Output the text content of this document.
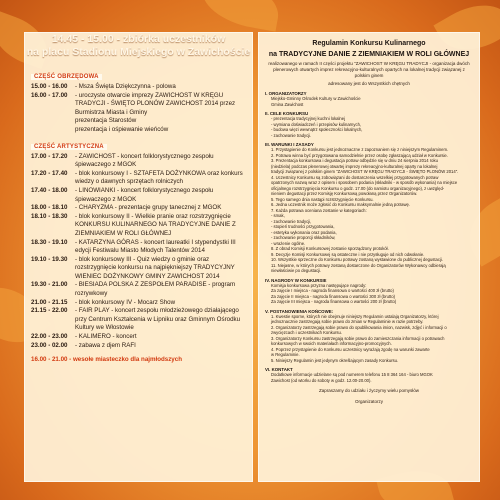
CZĘŚĆ OBRZĘDOWA
15.00 - 16.00	- Msza Święta Dziękczynna - polowa
16.00 - 17.00	- uroczyste otwarcie imprezy ZAWICHOST W KRĘGU TRADYCJI - ŚWIĘTO PLONÓW ZAWICHOST 2014 przez Burmistrza Miasta i Gminy
prezentacja Starostów
prezentacja i ośpiewanie wieńców
CZĘŚĆ ARTYSTYCZNA
17.00 - 17.20	- ZAWICHOST - koncert folklorystycznego zespołu śpiewaczego z MGOK
17.20 - 17.40	- blok konkursowy I - SZTAFETA DOŻYNKOWA oraz konkurs wiedzy o dawnych sprzętach rolniczych
17.40 - 18.00	- LINOWIANKI - koncert folklorystycznego zespołu śpiewaczego z MGOK
18.00 - 18.10	- CHARYZMA - prezentacje grupy tanecznej z MGOK
18.10 - 18.30	- blok konkursowy II - Wielkie pranie oraz rozstrzygnięcie KONKURSU KULINARNEGO NA TRADYCYJNE DANIE Z ZIEMNIAKIEM W ROLI GŁÓWNEJ
18.30 - 19.10	- KATARZYNA GÓRAS - koncert laureatki I stypendystki III edycji Festiwalu Miasto Młodych Talentów 2014
19.10 - 19.30	- blok konkursowy III - Quiz wiedzy o gminie oraz rozstrzygnięcie konkursu na najpiękniejszy TRADYCYJNY WIENIEC DOŻYNKOWY GMINY ZAWICHOST 2014
19.30 - 21.00	- BIESIADA POLSKA Z ZESPOŁEM PARADISE - program rozrywkowy
21.00 - 21.15	- blok konkursowy IV - Mocarz Show
21.15 - 22.00	- FAIR PLAY - koncert zespołu młodzieżowego działającego przy Centrum Kształcenia w Lipniku oraz Gminnym Ośrodku Kultury we Włostowie
22.00 - 23.00	- KALIMERO - koncert
23.00 - 02.00	- zabawa z djem RAFI
16.00 - 21.00 - wesołe miasteczko dla najmłodszych
14.45 - 15.00 - zbiórka uczestników
na placu Stadionu Miejskiego w Zawichoście
Regulamin Konkursu Kulinarnego
na TRADYCYJNE DANIE Z ZIEMNIAKIEM W ROLI GŁÓWNEJ
realizowanego w ramach II części projektu "ZAWICHOST W KRĘGU TRADYCJI - organizacja dwóch plenerowych otwartych imprez rekreacyjno-kulturalnych opartych na lokalnej tradycji związanej z polskim ginem
adresowany jest do Wszystkich chętnych
I. ORGANIZATORZY
Miejsko-Gminny Ośrodek Kultury w Zawichoście
Gmina Zawichost
II. CELE KONKURSU
- prezentacja tradycyjnej kuchni lokalnej
- wymiana doświadczeń i przepisów kulinarnych,
- budowa więzi wewnątrz społeczności lokalnych,
- zachowanie tradycji.
III. WARUNKI I ZASADY
1. Przystąpienie do Konkursu jest jednoznaczne z zapoznaniem się z niniejszym Regulaminem.
2. Potrawa winna być przygotowana samodzielnie przez osobę zgłaszającą udział w Konkursie.
3. Prezentacja konkursowa i degustacja potraw odbędzie się w dniu 24 sierpnia 2014 roku
(niedziela) podczas plenerowej otwartej imprezy rekreacyjno-kulturalnej oparty na lokalnej
tradycji związanej z polskim ginem "ZAWICHOST W KRĘGU TRADYCJI - ŚWIĘTO PLONÓW 2014".
4. Uczestnicy Konkursu są zobowiązani do dostarczenia wszelkiej przygotowanych potraw
opatrzonych nazwą wraz z opisem i sposobem podania (składniki - w sposób wykonania) na miejsce
oficjalnego rozstrzygnięcia Konkursu o godz. 17.00 (do namiotu organizacyjnego), z uwzględ-
nieniem degustacji przez Komisję Konkursową powołaną przez Organizatorów.
5. Tego samego dnia nastąpi rozstrzygnięcie Konkursu.
6. Jedna uczestnik może zgłosić do Konkursu maksymalnie jedną potrawę.
7. Każda potrawa oceniana zostanie w kategoriach:
- smak,
- zachowanie tradycji,
- stopień trudności przygotowania,
- estetyka wykonania oraz podania,
- zachowanie proporcji składników,
- wrażenie ogólne.
8. Z obrad Komisji Konkursowej zostanie sporządzony protokół.
9. Decyzje Komisji Konkursowej są ostateczne i nie przysługuje od nich odwołanie.
10. Wszystkie sprzeczne do Konkursu potrawy zostaną wystawione do publicznej degustacji.
11. Niejasne, w których potrawy zostaną dostarczone do Organizatorów Wykonawcy odbierają
niewłaściwie po degustacji.
IV. NAGRODY W KONKURSIE
Komisja konkursowa przyzna następujące nagrody:
Za zajęcie I miejsca - nagroda finansowa o wartości 400 zł (brutto)
Za zajęcie II miejsca - nagroda finansowa o wartości 300 zł (brutto)
Za zajęcie III miejsca - nagroda finansowa o wartości 200 zł (brutto)
V. POSTANOWIENIA KOŃCOWE:
1. Kwestie sporne, których nie obejmuje niniejszy Regulamin ustalają Organizatorzy, której
jednoznacznie zastrzegają sobie prawo do zmian w Regulaminie w razie potrzeby.
2. Organizatorzy zastrzegają sobie prawo do opublikowania imion, nazwisk, zdjęć i informacji o
zwycięzcach i uczestnikach Konkursu.
3. Organizatorzy Konkursu zastrzegają sobie prawo do zamieszczania informacji o potrawach
konkursowych w swoich materiałach informacyjno-promocyjnych.
4. Poprzez przystąpienie do Konkursu uczestnicy wyrażają zgodę na warunki zawarte
w Regulaminie.
5. Niniejszy Regulamin jest jedynym określającym zasady Konkursu.
VI. KONTAKT
Dodatkowe informacje udzielane są pod numerem telefonu 15 8 364 164 - biuro MGOK
Zawichost (od wtorku do soboty w godz. 12.00-20.00).
Zapraszamy do udziału i życzymy wielu pomysłów
Organizatorzy
